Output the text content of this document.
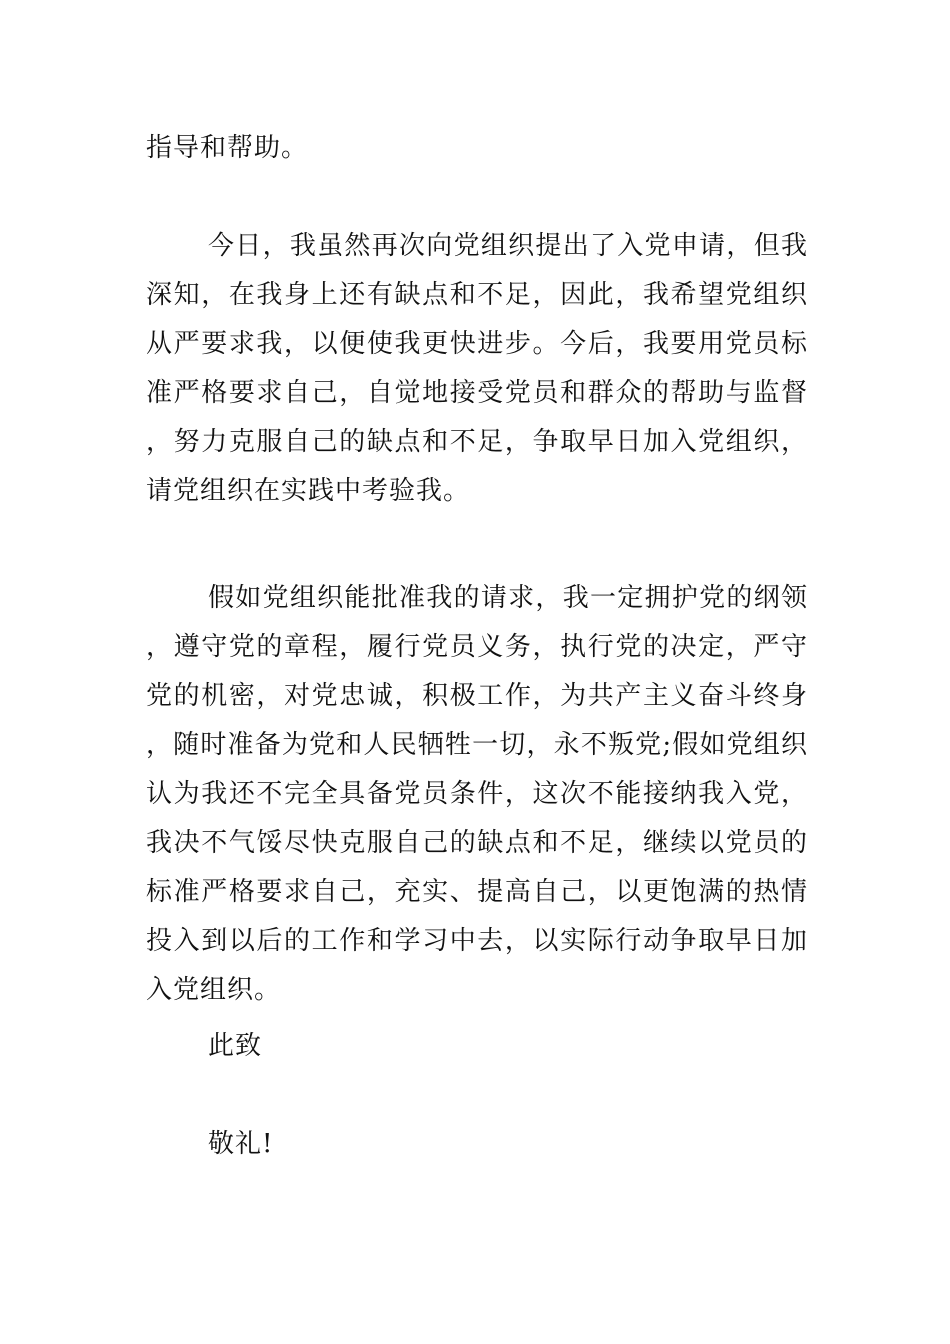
指导和帮助。

今日，我虽然再次向党组织提出了入党申请，但我深知，在我身上还有缺点和不足，因此，我希望党组织从严要求我，以便使我更快进步。今后，我要用党员标准严格要求自己，自觉地接受党员和群众的帮助与监督，努力克服自己的缺点和不足，争取早日加入党组织，请党组织在实践中考验我。

假如党组织能批准我的请求，我一定拥护党的纲领，遵守党的章程，履行党员义务，执行党的决定，严守党的机密，对党忠诚，积极工作，为共产主义奋斗终身，随时准备为党和人民牺牲一切，永不叛党;假如党组织认为我还不完全具备党员条件，这次不能接纳我入党，我决不气馁尽快克服自己的缺点和不足，继续以党员的标准严格要求自己，充实、提高自己，以更饱满的热情投入到以后的工作和学习中去，以实际行动争取早日加入党组织。

此致

敬礼!
